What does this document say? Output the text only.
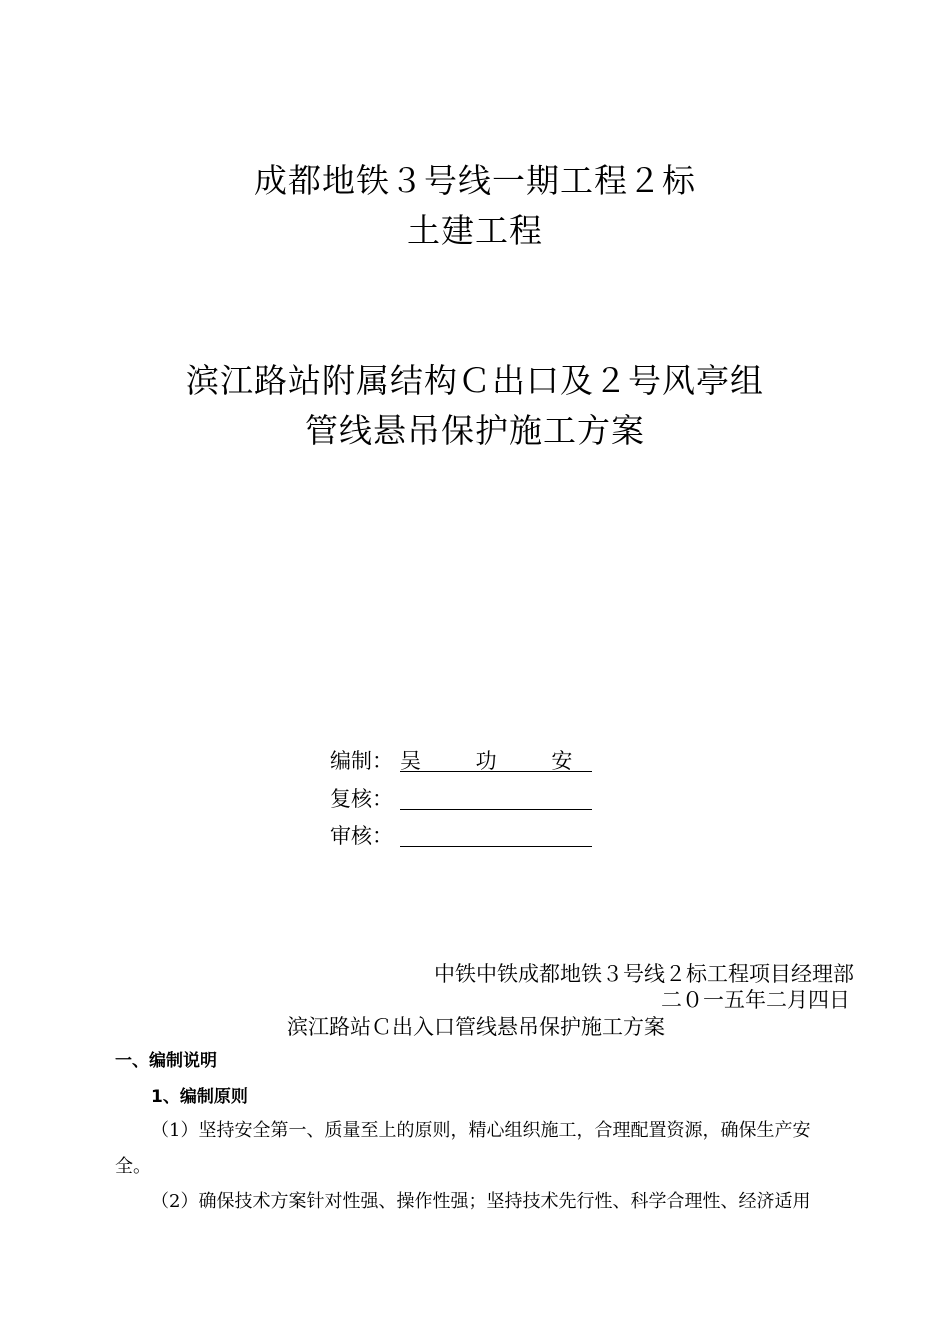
成都地铁３号线一期工程２标
土建工程
滨江路站附属结构Ｃ出口及２号风亭组
管线悬吊保护施工方案
编制： 吴 功 安
复核：
审核：
中铁中铁成都地铁３号线２标工程项目经理部
二０一五年二月四日
滨江路站Ｃ出入口管线悬吊保护施工方案
一、编制说明
1、编制原则
（1）坚持安全第一、质量至上的原则，精心组织施工，合理配置资源，确保生产安
全。
（2）确保技术方案针对性强、操作性强；坚持技术先行性、科学合理性、经济适用
